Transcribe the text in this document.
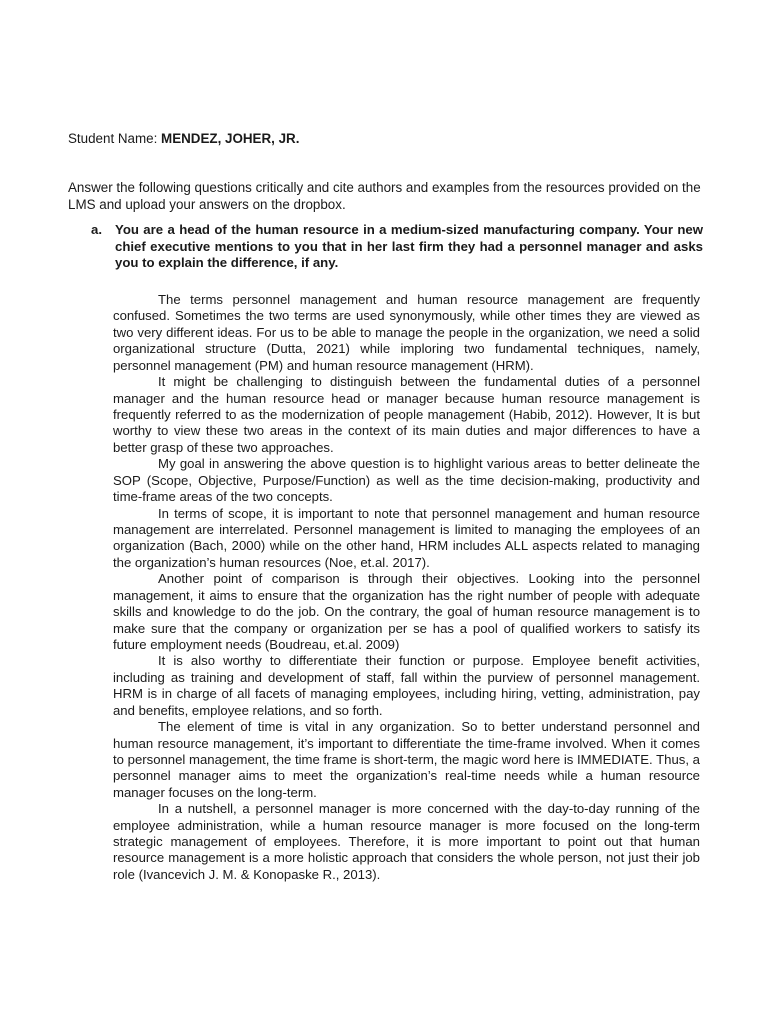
Student Name: MENDEZ, JOHER, JR.
Answer the following questions critically and cite authors and examples from the resources provided on the LMS and upload your answers on the dropbox.
a. You are a head of the human resource in a medium-sized manufacturing company. Your new chief executive mentions to you that in her last firm they had a personnel manager and asks you to explain the difference, if any.

The terms personnel management and human resource management are frequently confused. Sometimes the two terms are used synonymously, while other times they are viewed as two very different ideas. For us to be able to manage the people in the organization, we need a solid organizational structure (Dutta, 2021) while imploring two fundamental techniques, namely, personnel management (PM) and human resource management (HRM).

It might be challenging to distinguish between the fundamental duties of a personnel manager and the human resource head or manager because human resource management is frequently referred to as the modernization of people management (Habib, 2012). However, It is but worthy to view these two areas in the context of its main duties and major differences to have a better grasp of these two approaches.

My goal in answering the above question is to highlight various areas to better delineate the SOP (Scope, Objective, Purpose/Function) as well as the time decision-making, productivity and time-frame areas of the two concepts.

In terms of scope, it is important to note that personnel management and human resource management are interrelated. Personnel management is limited to managing the employees of an organization (Bach, 2000) while on the other hand, HRM includes ALL aspects related to managing the organization’s human resources (Noe, et.al. 2017).

Another point of comparison is through their objectives. Looking into the personnel management, it aims to ensure that the organization has the right number of people with adequate skills and knowledge to do the job. On the contrary, the goal of human resource management is to make sure that the company or organization per se has a pool of qualified workers to satisfy its future employment needs (Boudreau, et.al. 2009)

It is also worthy to differentiate their function or purpose. Employee benefit activities, including as training and development of staff, fall within the purview of personnel management. HRM is in charge of all facets of managing employees, including hiring, vetting, administration, pay and benefits, employee relations, and so forth.

The element of time is vital in any organization. So to better understand personnel and human resource management, it’s important to differentiate the time-frame involved. When it comes to personnel management, the time frame is short-term, the magic word here is IMMEDIATE. Thus, a personnel manager aims to meet the organization’s real-time needs while a human resource manager focuses on the long-term.

In a nutshell, a personnel manager is more concerned with the day-to-day running of the employee administration, while a human resource manager is more focused on the long-term strategic management of employees. Therefore, it is more important to point out that human resource management is a more holistic approach that considers the whole person, not just their job role (Ivancevich J. M. & Konopaske R., 2013).
